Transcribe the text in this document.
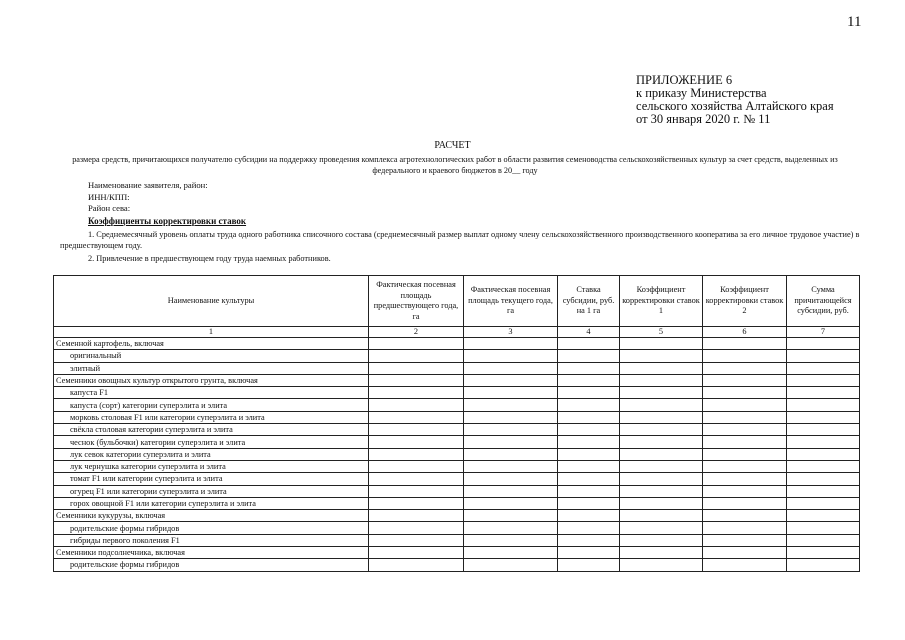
11
ПРИЛОЖЕНИЕ 6
к приказу Министерства
сельского хозяйства Алтайского края
от 30 января 2020 г. № 11
РАСЧЕТ
размера средств, причитающихся получателю субсидии на поддержку проведения комплекса агротехнологических работ в области развития семеноводства сельскохозяйственных культур за счет средств, выделенных из федерального и краевого бюджетов в 20__ году
Наименование заявителя, район:
ИНН/КПП:
Район сева:
Коэффициенты корректировки ставок
1. Среднемесячный уровень оплаты труда одного работника списочного состава (среднемесячный размер выплат одному члену сельскохозяйственного производственного кооператива за его личное трудовое участие) в предшествующем году.
2. Привлечение в предшествующем году труда наемных работников.
Наименование культуры	Фактическая посевная площадь предшествующего года, га	Фактическая посевная площадь текущего года, га	Ставка субсидии, руб. на 1 га	Коэффициент корректировки ставок 1	Коэффициент корректировки ставок 2	Сумма причитающейся субсидии, руб.
1	2	3	4	5	6	7
Семенной картофель, включая						
оригинальный						
элитный						
Семенники овощных культур открытого грунта, включая						
капуста F1						
капуста (сорт) категории суперэлита и элита						
морковь столовая F1 или категории суперэлита и элита						
свёкла столовая категории суперэлита и элита						
чеснок (бульбочки) категории суперэлита и элита						
лук севок категории суперэлита и элита						
лук чернушка категории суперэлита и элита						
томат F1 или категории суперэлита и элита						
огурец F1 или категории суперэлита и элита						
горох овощной F1 или категории суперэлита и элита						
Семенники кукурузы, включая						
родительские формы гибридов						
гибриды первого поколения F1						
Семенники подсолнечника, включая						
родительские формы гибридов						
